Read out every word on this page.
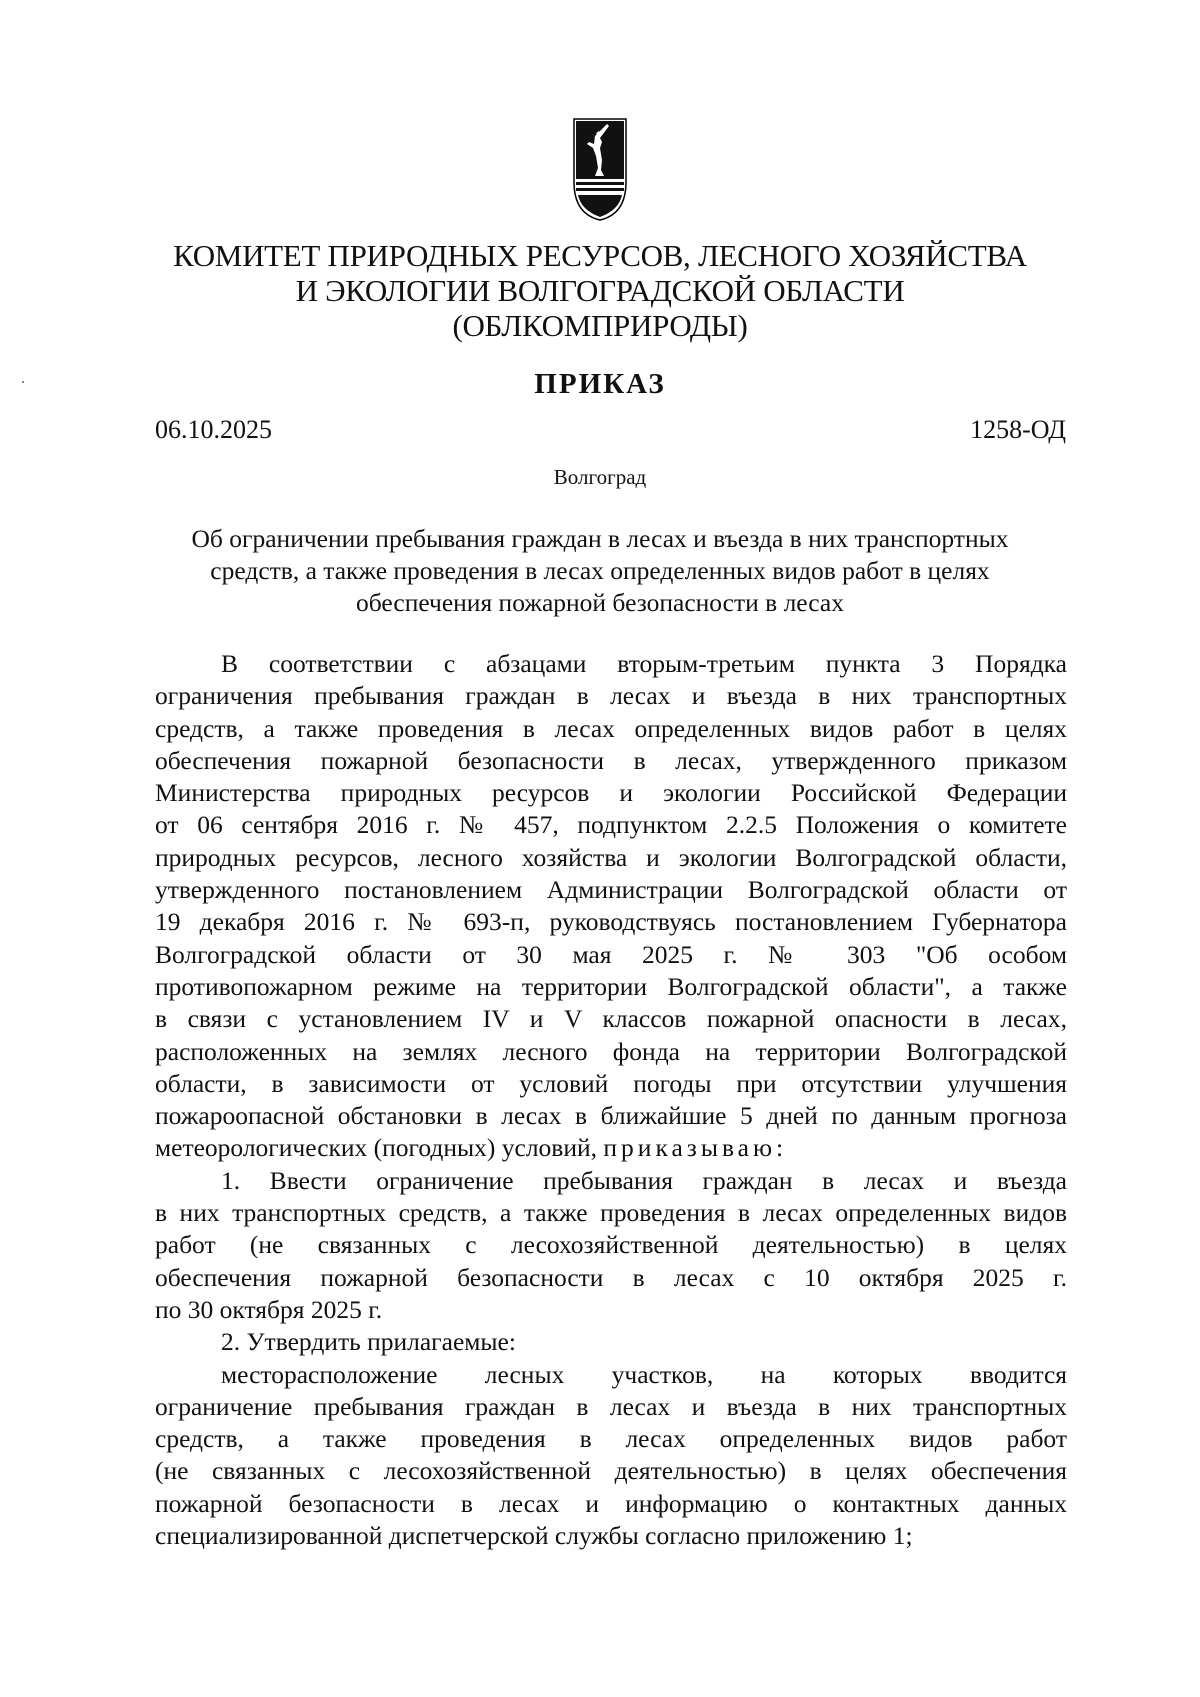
КОМИТЕТ ПРИРОДНЫХ РЕСУРСОВ, ЛЕСНОГО ХОЗЯЙСТВА
И ЭКОЛОГИИ ВОЛГОГРАДСКОЙ ОБЛАСТИ
(ОБЛКОМПРИРОДЫ)
ПРИКАЗ
06.10.2025	1258-ОД
Волгоград
Об ограничении пребывания граждан в лесах и въезда в них транспортных
средств, а также проведения в лесах определенных видов работ в целях
обеспечения пожарной безопасности в лесах
В соответствии с абзацами вторым-третьим пункта 3 Порядка
ограничения пребывания граждан в лесах и въезда в них транспортных
средств, а также проведения в лесах определенных видов работ в целях
обеспечения пожарной безопасности в лесах, утвержденного приказом
Министерства природных ресурсов и экологии Российской Федерации
от 06 сентября 2016 г. № 457, подпунктом 2.2.5 Положения о комитете
природных ресурсов, лесного хозяйства и экологии Волгоградской области,
утвержденного постановлением Администрации Волгоградской области от
19 декабря 2016 г. № 693-п, руководствуясь постановлением Губернатора
Волгоградской области от 30 мая 2025 г. № 303 "Об особом
противопожарном режиме на территории Волгоградской области", а также
в связи с установлением IV и V классов пожарной опасности в лесах,
расположенных на землях лесного фонда на территории Волгоградской
области, в зависимости от условий погоды при отсутствии улучшения
пожароопасной обстановки в лесах в ближайшие 5 дней по данным прогноза
метеорологических (погодных) условий, приказываю:
1. Ввести ограничение пребывания граждан в лесах и въезда
в них транспортных средств, а также проведения в лесах определенных видов
работ (не связанных с лесохозяйственной деятельностью) в целях
обеспечения пожарной безопасности в лесах с 10 октября 2025 г.
по 30 октября 2025 г.
2. Утвердить прилагаемые:
месторасположение лесных участков, на которых вводится
ограничение пребывания граждан в лесах и въезда в них транспортных
средств, а также проведения в лесах определенных видов работ
(не связанных с лесохозяйственной деятельностью) в целях обеспечения
пожарной безопасности в лесах и информацию о контактных данных
специализированной диспетчерской службы согласно приложению 1;
